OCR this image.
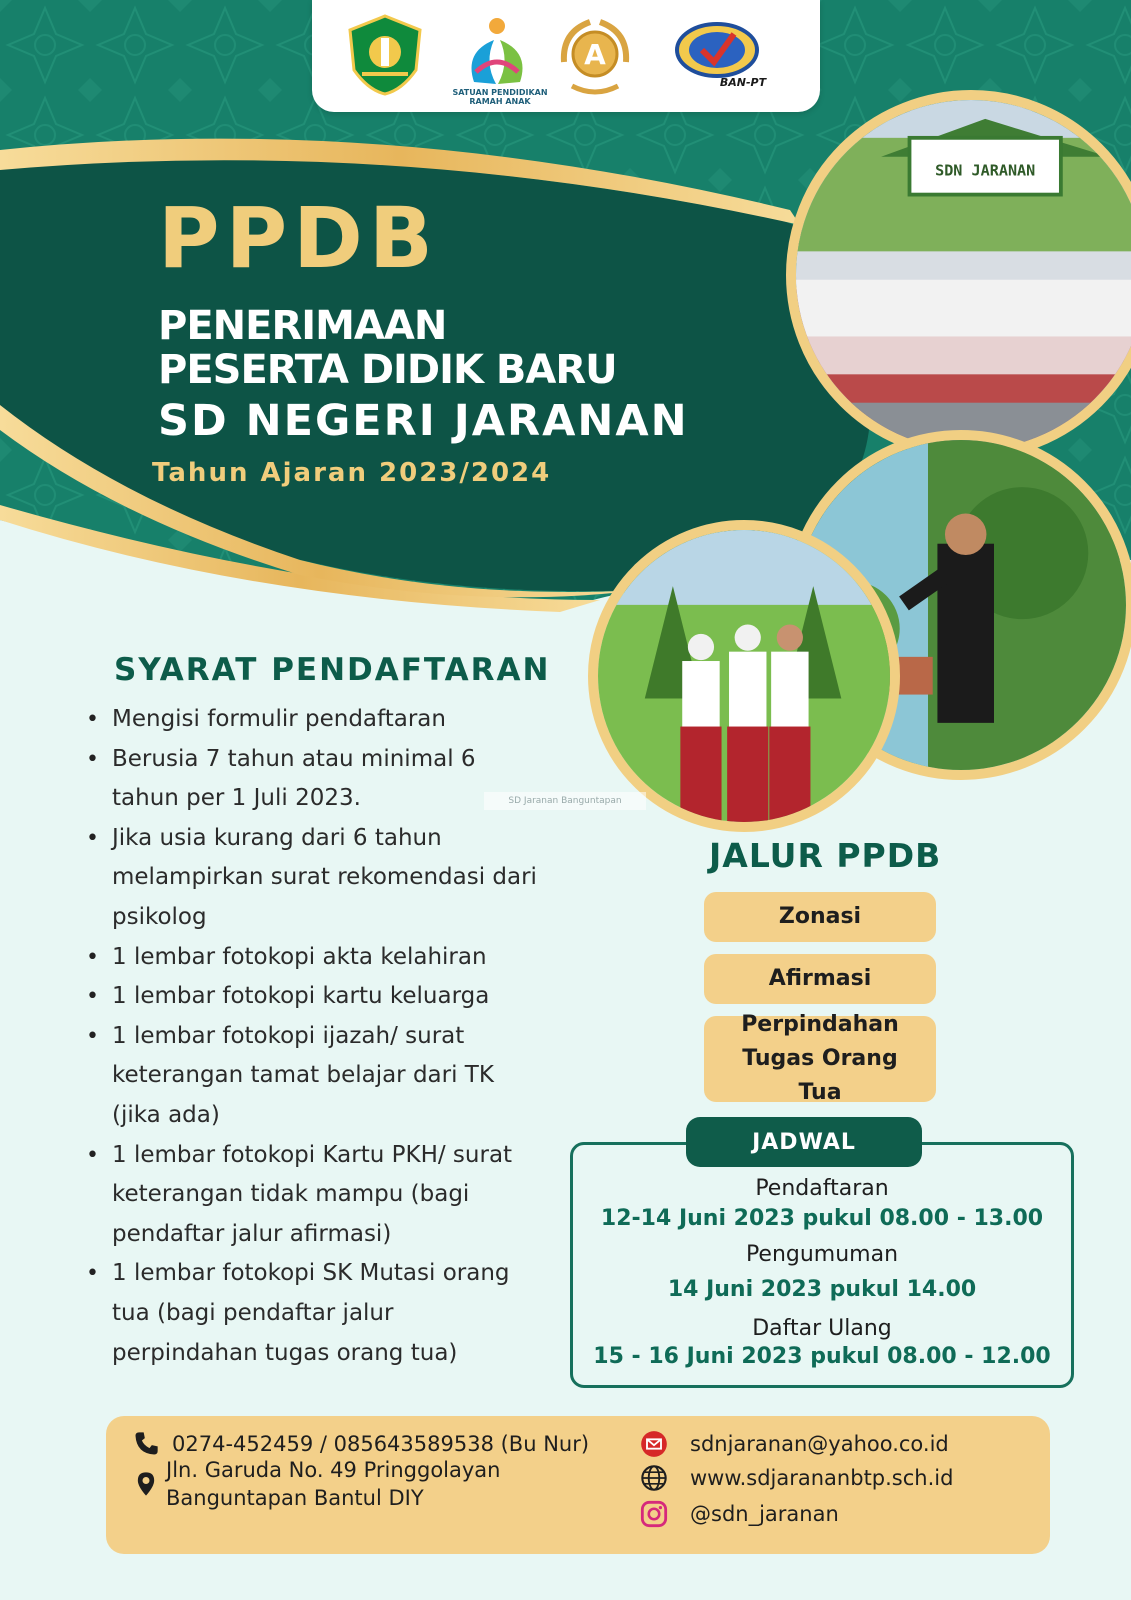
SATUAN PENDIDIKAN RAMAH ANAK
A
BAN-PT
PPDB
PENERIMAAN
PESERTA DIDIK BARU
SD NEGERI JARANAN
Tahun Ajaran 2023/2024
SDN JARANAN
SYARAT PENDAFTARAN
• Mengisi formulir pendaftaran
• Berusia 7 tahun atau minimal 6 tahun per 1 Juli 2023.
• Jika usia kurang dari 6 tahun melampirkan surat rekomendasi dari psikolog
• 1 lembar fotokopi akta kelahiran
• 1 lembar fotokopi kartu keluarga
• 1 lembar fotokopi ijazah/ surat keterangan tamat belajar dari TK (jika ada)
• 1 lembar fotokopi Kartu PKH/ surat keterangan tidak mampu (bagi pendaftar jalur afirmasi)
• 1 lembar fotokopi SK Mutasi orang tua (bagi pendaftar jalur perpindahan tugas orang tua)
SD Jaranan Banguntapan
JALUR PPDB
Zonasi
Afirmasi
Perpindahan Tugas Orang Tua
JADWAL
Pendaftaran
12-14 Juni 2023 pukul 08.00 - 13.00
Pengumuman
14 Juni 2023 pukul 14.00
Daftar Ulang
15 - 16 Juni 2023 pukul 08.00 - 12.00
0274-452459 / 085643589538 (Bu Nur)
Jln. Garuda No. 49 Pringgolayan
Banguntapan Bantul DIY
sdnjaranan@yahoo.co.id
www.sdjarananbtp.sch.id
@sdn_jaranan
